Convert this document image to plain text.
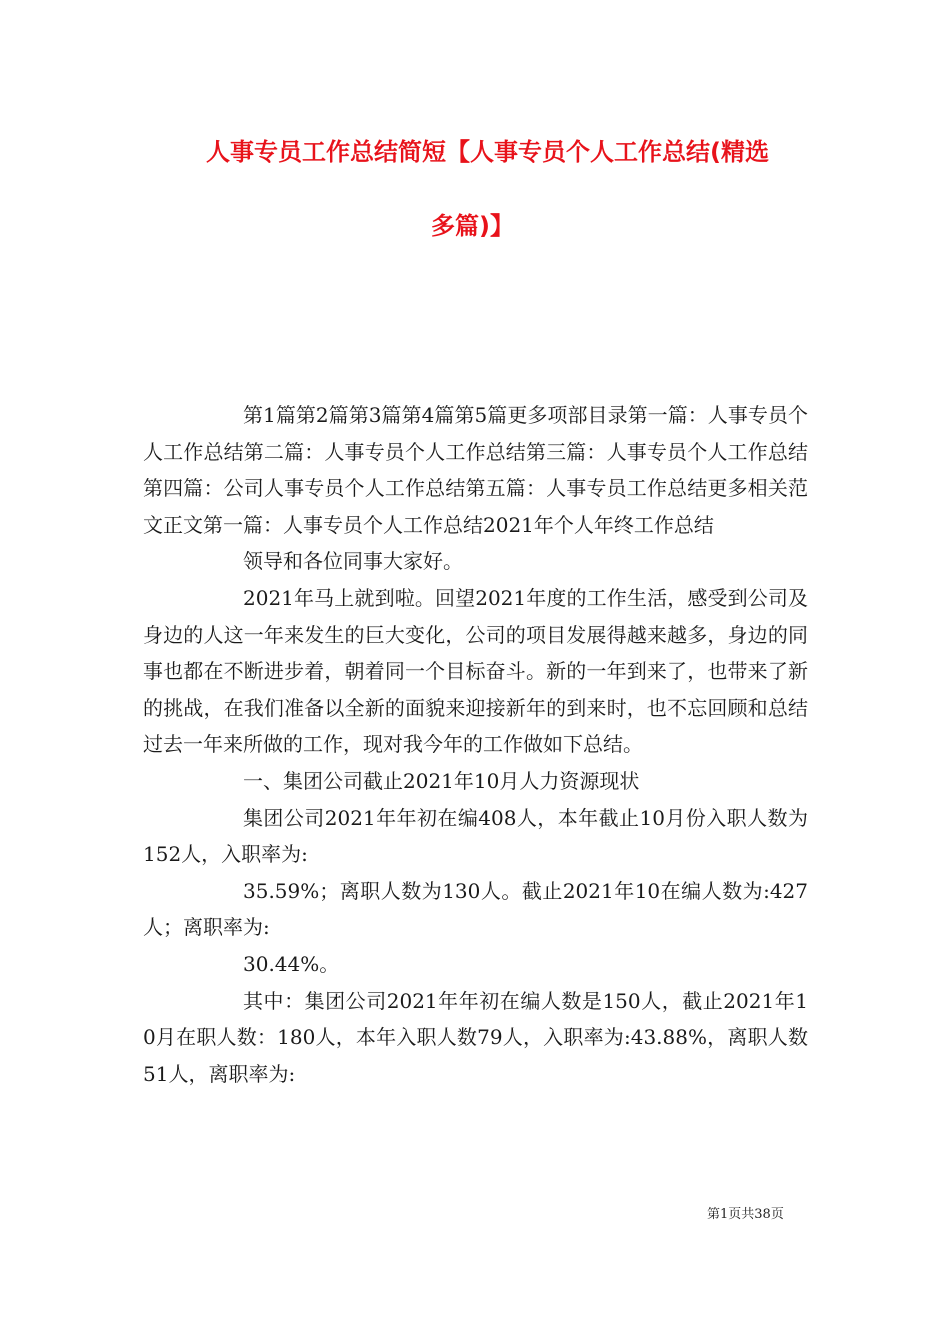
人事专员工作总结简短【人事专员个人工作总结(精选
多篇)】

第1篇第2篇第3篇第4篇第5篇更多项部目录第一篇：人事专员个人工作总结第二篇：人事专员个人工作总结第三篇：人事专员个人工作总结第四篇：公司人事专员个人工作总结第五篇：人事专员工作总结更多相关范文正文第一篇：人事专员个人工作总结2021年个人年终工作总结

领导和各位同事大家好。

2021年马上就到啦。回望2021年度的工作生活，感受到公司及身边的人这一年来发生的巨大变化，公司的项目发展得越来越多，身边的同事也都在不断进步着，朝着同一个目标奋斗。新的一年到来了，也带来了新的挑战，在我们准备以全新的面貌来迎接新年的到来时，也不忘回顾和总结过去一年来所做的工作，现对我今年的工作做如下总结。

一、集团公司截止2021年10月人力资源现状

集团公司2021年年初在编408人，本年截止10月份入职人数为152人，入职率为:

35.59%；离职人数为130人。截止2021年10在编人数为:427人；离职率为:

30.44%。

其中：集团公司2021年年初在编人数是150人，截止2021年10月在职人数：180人，本年入职人数79人，入职率为:43.88%，离职人数51人，离职率为:

第1页共38页
